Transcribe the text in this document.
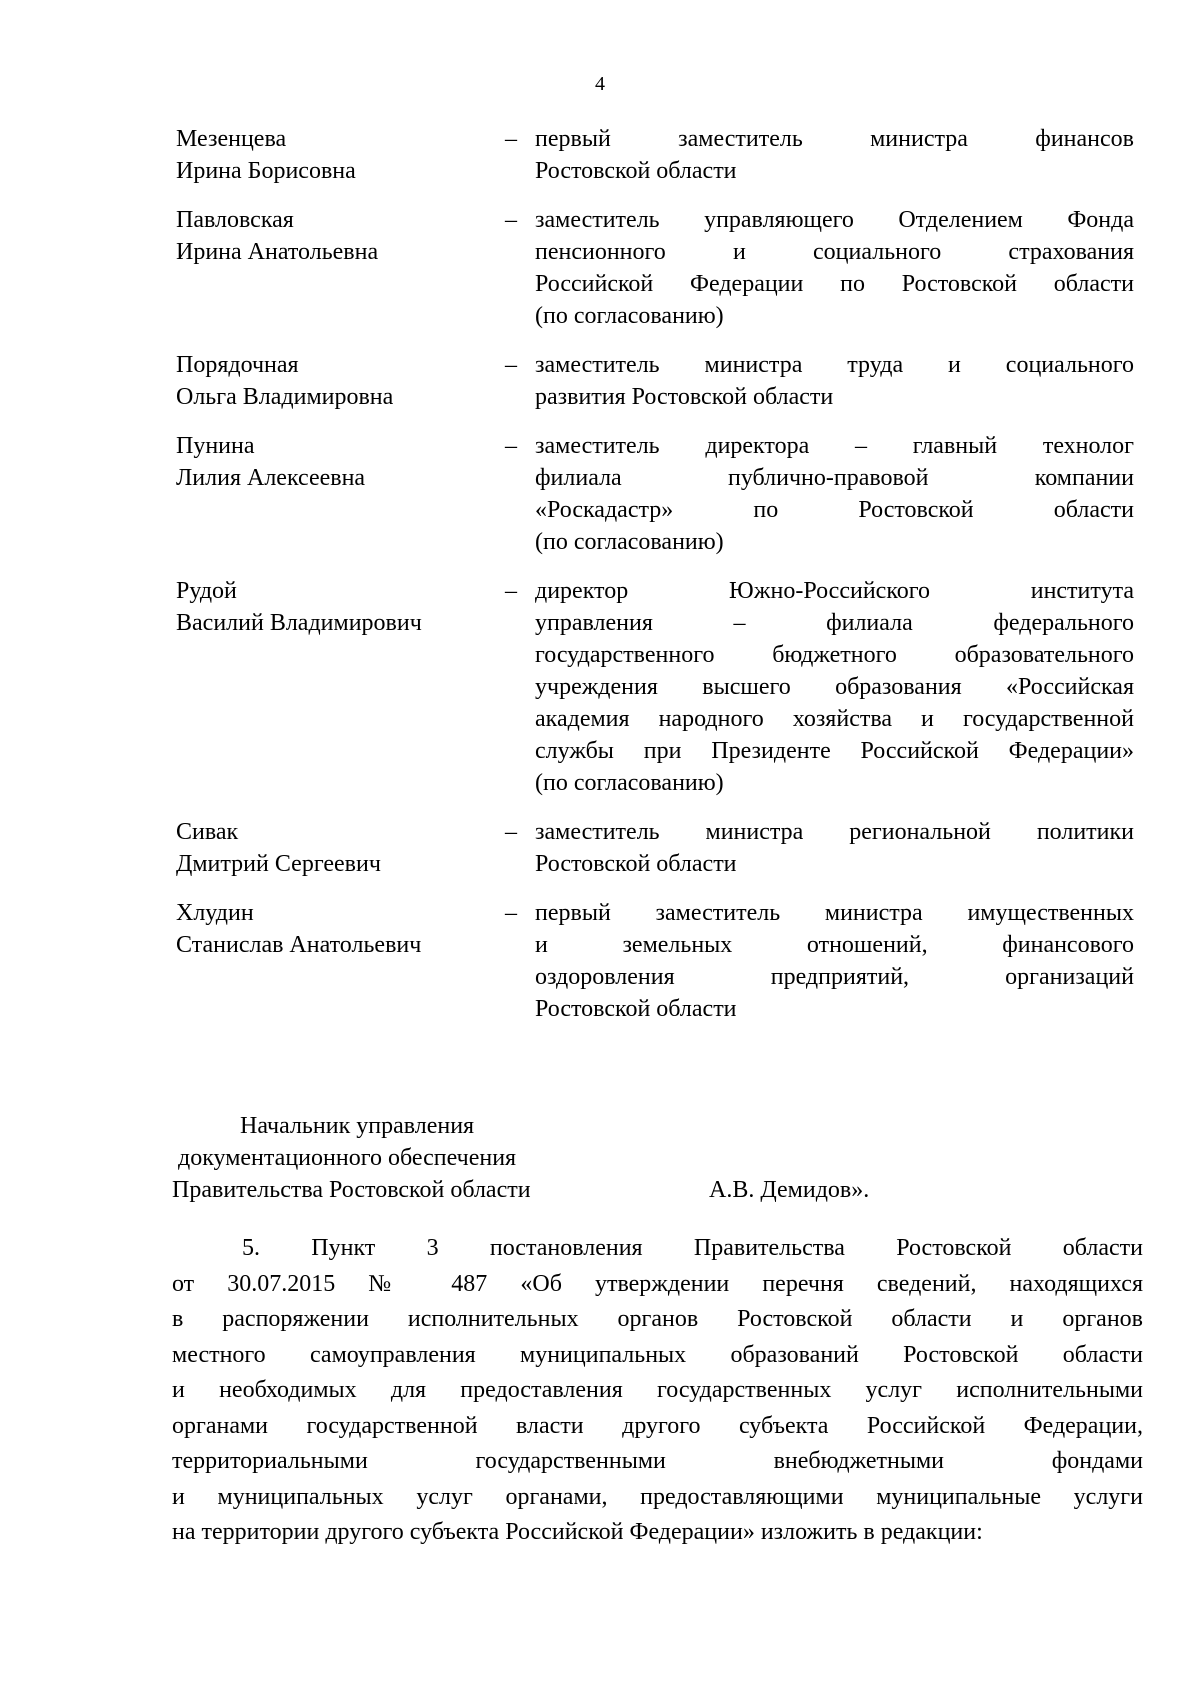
4
Мезенцева
Ирина Борисовна
– первый заместитель министра финансов
Ростовской области
Павловская
Ирина Анатольевна
– заместитель управляющего Отделением Фонда
пенсионного и социального страхования
Российской Федерации по Ростовской области
(по согласованию)
Порядочная
Ольга Владимировна
– заместитель министра труда и социального
развития Ростовской области
Пунина
Лилия Алексеевна
– заместитель директора – главный технолог
филиала публично-правовой компании
«Роскадастр» по Ростовской области
(по согласованию)
Рудой
Василий Владимирович
– директор Южно-Российского института
управления – филиала федерального
государственного бюджетного образовательного
учреждения высшего образования «Российская
академия народного хозяйства и государственной
службы при Президенте Российской Федерации»
(по согласованию)
Сивак
Дмитрий Сергеевич
– заместитель министра региональной политики
Ростовской области
Хлудин
Станислав Анатольевич
– первый заместитель министра имущественных
и земельных отношений, финансового
оздоровления предприятий, организаций
Ростовской области
Начальник управления
документационного обеспечения
Правительства Ростовской области	А.В. Демидов».
5. Пункт 3 постановления Правительства Ростовской области
от 30.07.2015 № 487 «Об утверждении перечня сведений, находящихся
в распоряжении исполнительных органов Ростовской области и органов
местного самоуправления муниципальных образований Ростовской области
и необходимых для предоставления государственных услуг исполнительными
органами государственной власти другого субъекта Российской Федерации,
территориальными государственными внебюджетными фондами
и муниципальных услуг органами, предоставляющими муниципальные услуги
на территории другого субъекта Российской Федерации» изложить в редакции:
